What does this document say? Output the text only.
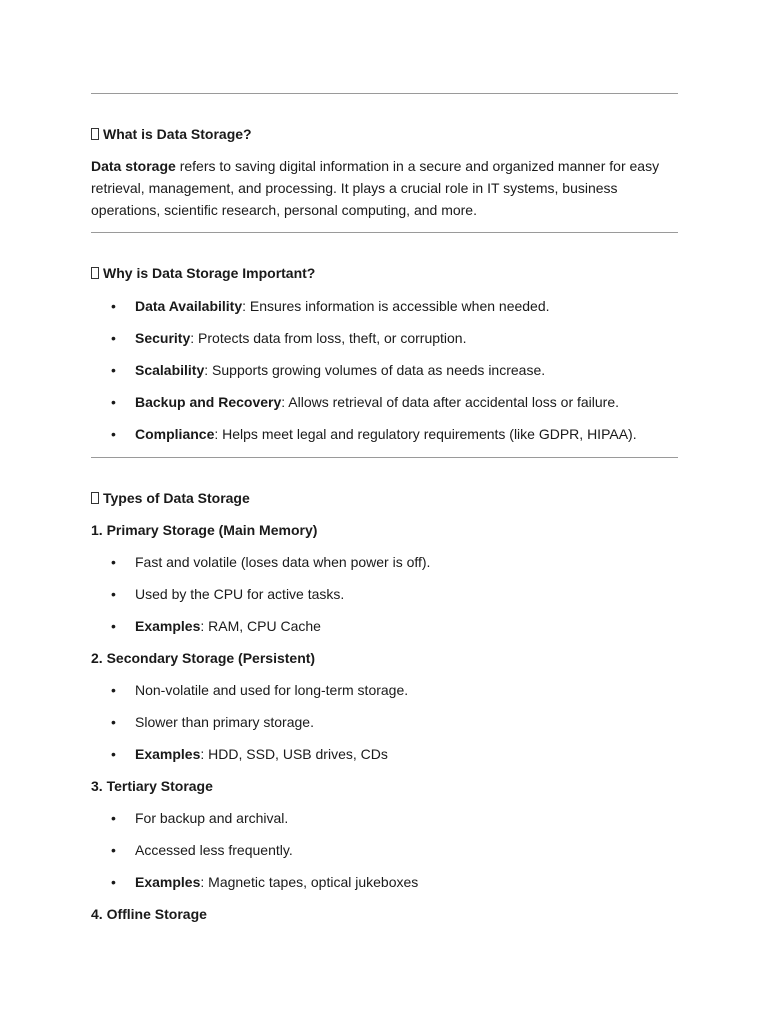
What is Data Storage?
Data storage refers to saving digital information in a secure and organized manner for easy retrieval, management, and processing. It plays a crucial role in IT systems, business operations, scientific research, personal computing, and more.
Why is Data Storage Important?
• Data Availability: Ensures information is accessible when needed.
• Security: Protects data from loss, theft, or corruption.
• Scalability: Supports growing volumes of data as needs increase.
• Backup and Recovery: Allows retrieval of data after accidental loss or failure.
• Compliance: Helps meet legal and regulatory requirements (like GDPR, HIPAA).
Types of Data Storage
1. Primary Storage (Main Memory)
• Fast and volatile (loses data when power is off).
• Used by the CPU for active tasks.
• Examples: RAM, CPU Cache
2. Secondary Storage (Persistent)
• Non-volatile and used for long-term storage.
• Slower than primary storage.
• Examples: HDD, SSD, USB drives, CDs
3. Tertiary Storage
• For backup and archival.
• Accessed less frequently.
• Examples: Magnetic tapes, optical jukeboxes
4. Offline Storage
